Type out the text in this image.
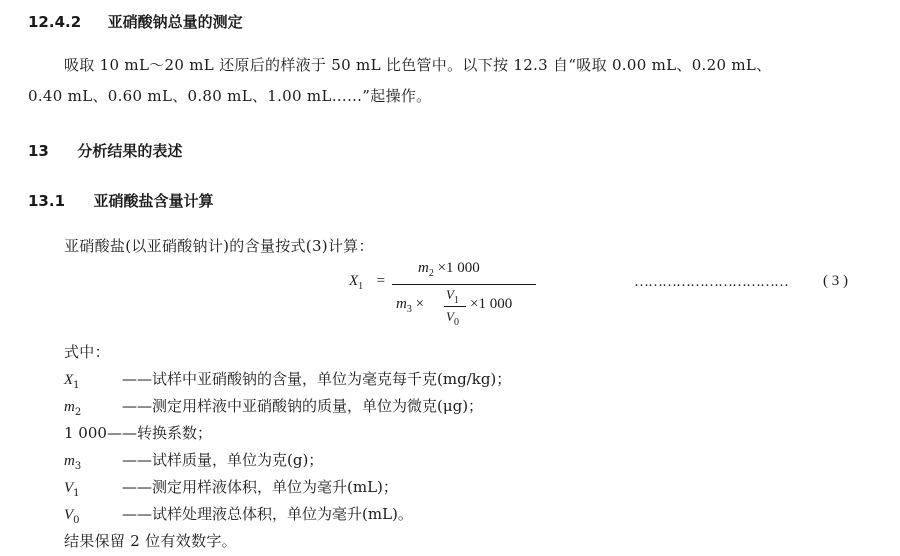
12.4.2 亚硝酸钠总量的测定
吸取 10 mL～20 mL 还原后的样液于 50 mL 比色管中。以下按 12.3 自“吸取 0.00 mL、0.20 mL、
0.40 mL、0.60 mL、0.80 mL、1.00 mL……”起操作。
13 分析结果的表述
13.1 亚硝酸盐含量计算
亚硝酸盐(以亚硝酸钠计)的含量按式(3)计算：
$X_1$ =
$m_2 \times 1$ 000
$m_3$ ×
$V_1$
$V_0$
×1 000
…………………………… ( 3 )
式中：
$X_1$	——试样中亚硝酸钠的含量，单位为毫克每千克(mg/kg)；
$m_2$	——测定用样液中亚硝酸钠的质量，单位为微克(μg)；
1 000——转换系数；
$m_3$	——试样质量，单位为克(g)；
$V_1$	——测定用样液体积，单位为毫升(mL)；
$V_0$	——试样处理液总体积，单位为毫升(mL)。
结果保留 2 位有效数字。
